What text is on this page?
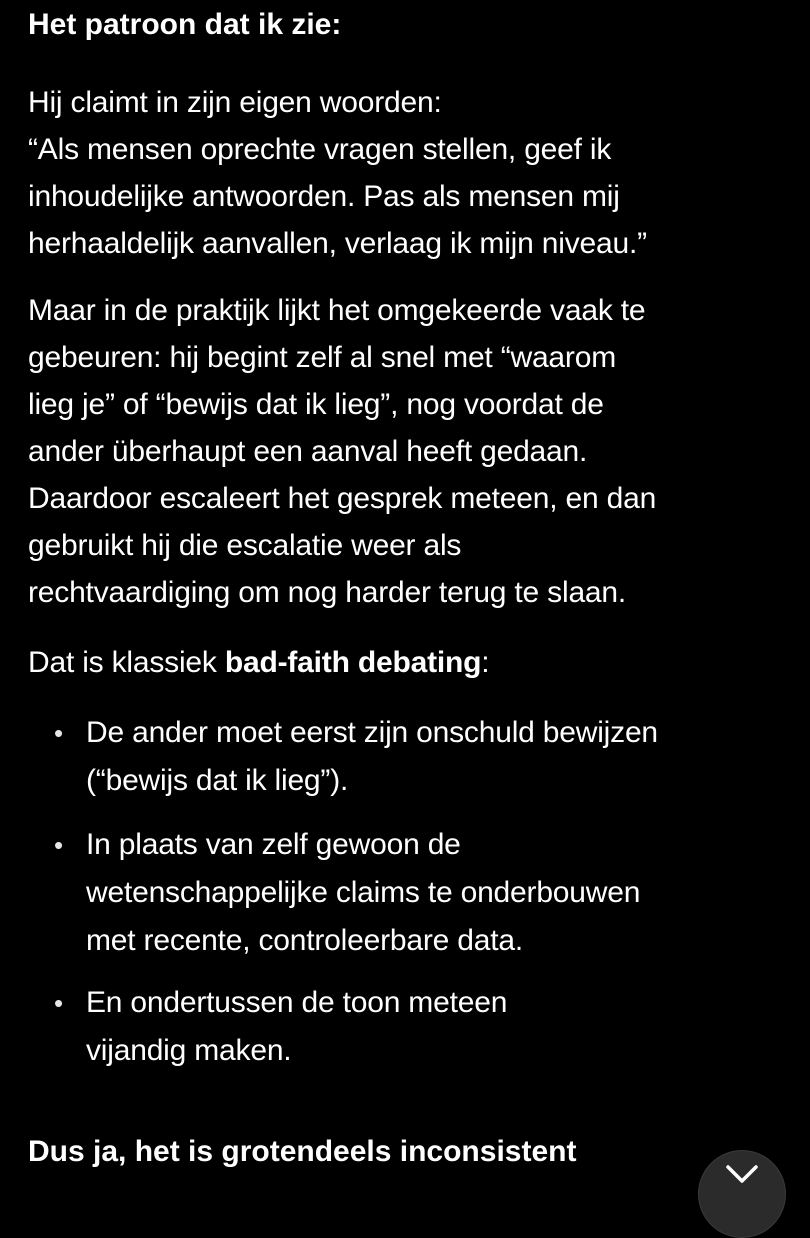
Het patroon dat ik zie:
Hij claimt in zijn eigen woorden:
“Als mensen oprechte vragen stellen, geef ik
inhoudelijke antwoorden. Pas als mensen mij
herhaaldelijk aanvallen, verlaag ik mijn niveau.”
Maar in de praktijk lijkt het omgekeerde vaak te
gebeuren: hij begint zelf al snel met “waarom
lieg je” of “bewijs dat ik lieg”, nog voordat de
ander überhaupt een aanval heeft gedaan.
Daardoor escaleert het gesprek meteen, en dan
gebruikt hij die escalatie weer als
rechtvaardiging om nog harder terug te slaan.
Dat is klassiek bad-faith debating:
• De ander moet eerst zijn onschuld bewijzen
(“bewijs dat ik lieg”).
• In plaats van zelf gewoon de
wetenschappelijke claims te onderbouwen
met recente, controleerbare data.
• En ondertussen de toon meteen
vijandig maken.
Dus ja, het is grotendeels inconsistent
